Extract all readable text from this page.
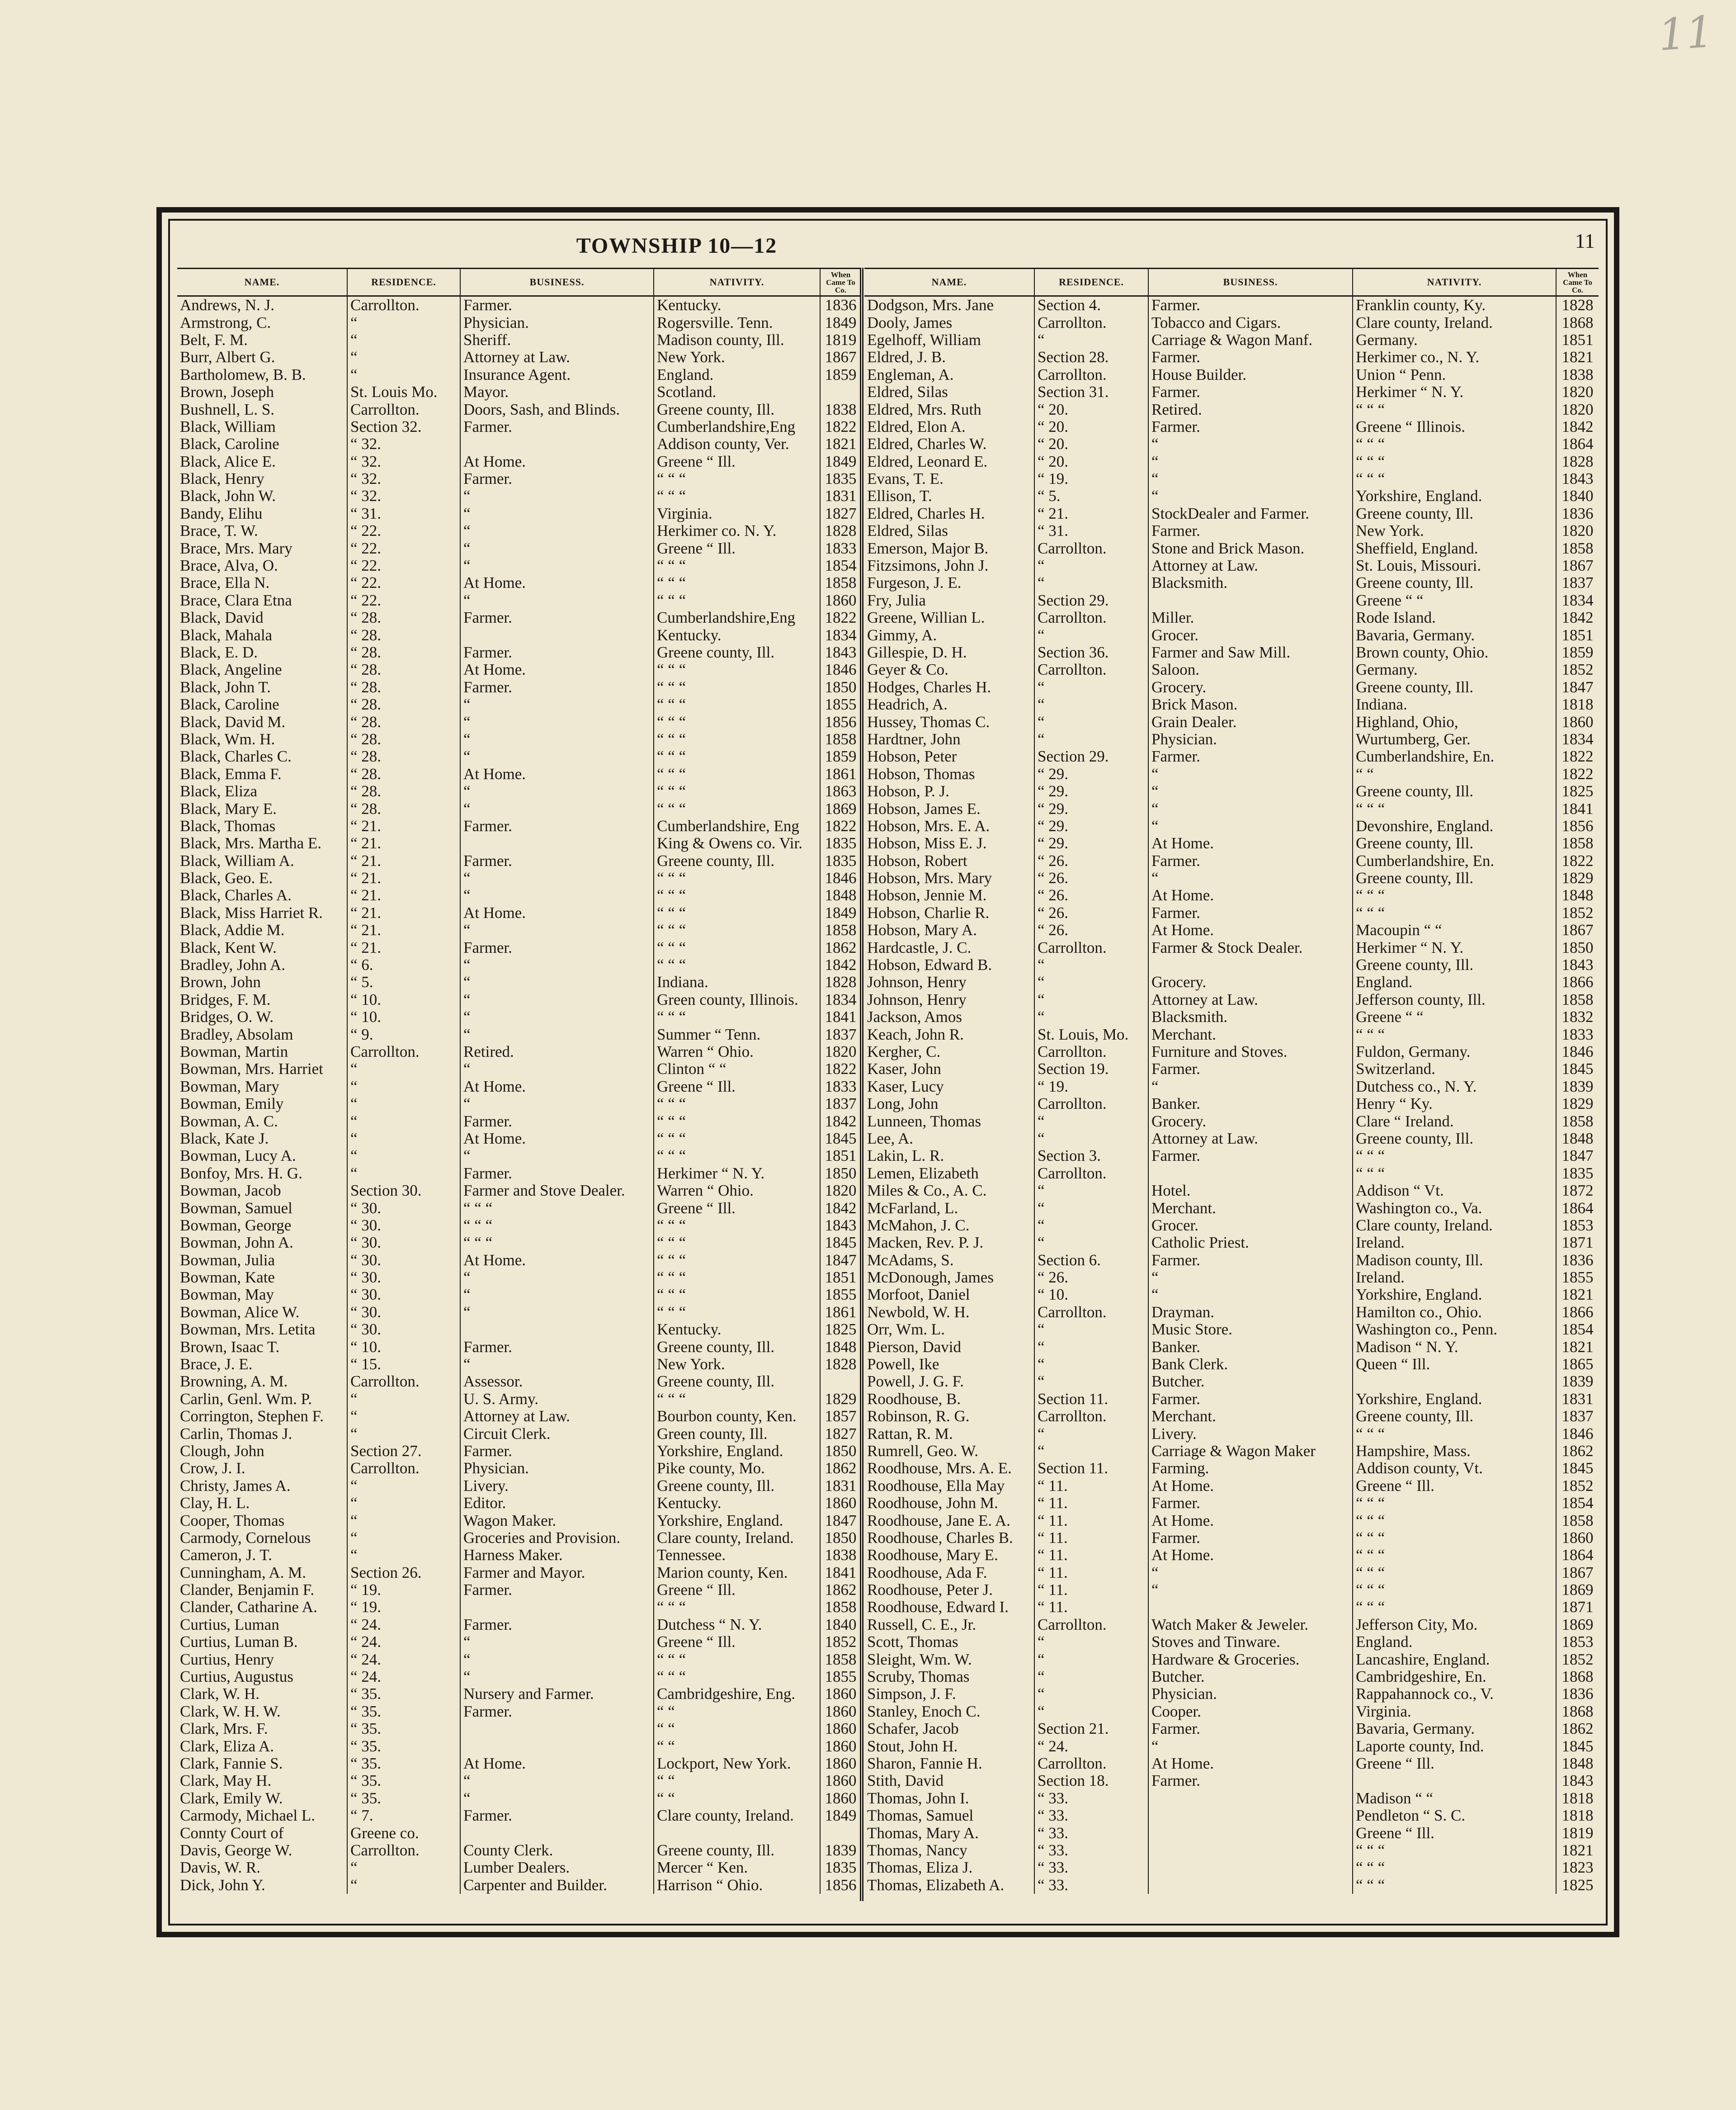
11
TOWNSHIP 10—12	11
NAME.	RESIDENCE.	BUSINESS.	NATIVITY.	When Came To Co.
Andrews, N. J.	Carrollton.	Farmer.	Kentucky.	1836
Armstrong, C.	“	Physician.	Rogersville. Tenn.	1849
Belt, F. M.	“	Sheriff.	Madison county, Ill.	1819
Burr, Albert G.	“	Attorney at Law.	New York.	1867
Bartholomew, B. B.	“	Insurance Agent.	England.	1859
Brown, Joseph	St. Louis Mo.	Mayor.	Scotland.	
Bushnell, L. S.	Carrollton.	Doors, Sash, and Blinds.	Greene county, Ill.	1838
Black, William	Section 32.	Farmer.	Cumberlandshire,Eng	1822
Black, Caroline	“ 32.		Addison county, Ver.	1821
Black, Alice E.	“ 32.	At Home.	Greene “ Ill.	1849
Black, Henry	“ 32.	Farmer.	“ “ “	1835
Black, John W.	“ 32.	“	“ “ “	1831
Bandy, Elihu	“ 31.	“	Virginia.	1827
Brace, T. W.	“ 22.	“	Herkimer co. N. Y.	1828
Brace, Mrs. Mary	“ 22.	“	Greene “ Ill.	1833
Brace, Alva, O.	“ 22.	“	“ “ “	1854
Brace, Ella N.	“ 22.	At Home.	“ “ “	1858
Brace, Clara Etna	“ 22.	“	“ “ “	1860
Black, David	“ 28.	Farmer.	Cumberlandshire,Eng	1822
Black, Mahala	“ 28.		Kentucky.	1834
Black, E. D.	“ 28.	Farmer.	Greene county, Ill.	1843
Black, Angeline	“ 28.	At Home.	“ “ “	1846
Black, John T.	“ 28.	Farmer.	“ “ “	1850
Black, Caroline	“ 28.	“	“ “ “	1855
Black, David M.	“ 28.	“	“ “ “	1856
Black, Wm. H.	“ 28.	“	“ “ “	1858
Black, Charles C.	“ 28.	“	“ “ “	1859
Black, Emma F.	“ 28.	At Home.	“ “ “	1861
Black, Eliza	“ 28.	“	“ “ “	1863
Black, Mary E.	“ 28.	“	“ “ “	1869
Black, Thomas	“ 21.	Farmer.	Cumberlandshire, Eng	1822
Black, Mrs. Martha E.	“ 21.		King & Owens co. Vir.	1835
Black, William A.	“ 21.	Farmer.	Greene county, Ill.	1835
Black, Geo. E.	“ 21.	“	“ “ “	1846
Black, Charles A.	“ 21.	“	“ “ “	1848
Black, Miss Harriet R.	“ 21.	At Home.	“ “ “	1849
Black, Addie M.	“ 21.	“	“ “ “	1858
Black, Kent W.	“ 21.	Farmer.	“ “ “	1862
Bradley, John A.	“ 6.	“	“ “ “	1842
Brown, John	“ 5.	“	Indiana.	1828
Bridges, F. M.	“ 10.	“	Green county, Illinois.	1834
Bridges, O. W.	“ 10.	“	“ “ “	1841
Bradley, Absolam	“ 9.	“	Summer “ Tenn.	1837
Bowman, Martin	Carrollton.	Retired.	Warren “ Ohio.	1820
Bowman, Mrs. Harriet	“	“	Clinton “ “	1822
Bowman, Mary	“	At Home.	Greene “ Ill.	1833
Bowman, Emily	“	“	“ “ “	1837
Bowman, A. C.	“	Farmer.	“ “ “	1842
Black, Kate J.	“	At Home.	“ “ “	1845
Bowman, Lucy A.	“	“	“ “ “	1851
Bonfoy, Mrs. H. G.	“	Farmer.	Herkimer “ N. Y.	1850
Bowman, Jacob	Section 30.	Farmer and Stove Dealer.	Warren “ Ohio.	1820
Bowman, Samuel	“ 30.	“ “ “	Greene “ Ill.	1842
Bowman, George	“ 30.	“ “ “	“ “ “	1843
Bowman, John A.	“ 30.	“ “ “	“ “ “	1845
Bowman, Julia	“ 30.	At Home.	“ “ “	1847
Bowman, Kate	“ 30.	“	“ “ “	1851
Bowman, May	“ 30.	“	“ “ “	1855
Bowman, Alice W.	“ 30.	“	“ “ “	1861
Bowman, Mrs. Letita	“ 30.		Kentucky.	1825
Brown, Isaac T.	“ 10.	Farmer.	Greene county, Ill.	1848
Brace, J. E.	“ 15.	“	New York.	1828
Browning, A. M.	Carrollton.	Assessor.	Greene county, Ill.	
Carlin, Genl. Wm. P.	“	U. S. Army.	“ “ “	1829
Corrington, Stephen F.	“	Attorney at Law.	Bourbon county, Ken.	1857
Carlin, Thomas J.	“	Circuit Clerk.	Green county, Ill.	1827
Clough, John	Section 27.	Farmer.	Yorkshire, England.	1850
Crow, J. I.	Carrollton.	Physician.	Pike county, Mo.	1862
Christy, James A.	“	Livery.	Greene county, Ill.	1831
Clay, H. L.	“	Editor.	Kentucky.	1860
Cooper, Thomas	“	Wagon Maker.	Yorkshire, England.	1847
Carmody, Cornelous	“	Groceries and Provision.	Clare county, Ireland.	1850
Cameron, J. T.	“	Harness Maker.	Tennessee.	1838
Cunningham, A. M.	Section 26.	Farmer and Mayor.	Marion county, Ken.	1841
Clander, Benjamin F.	“ 19.	Farmer.	Greene “ Ill.	1862
Clander, Catharine A.	“ 19.		“ “ “	1858
Curtius, Luman	“ 24.	Farmer.	Dutchess “ N. Y.	1840
Curtius, Luman B.	“ 24.	“	Greene “ Ill.	1852
Curtius, Henry	“ 24.	“	“ “ “	1858
Curtius, Augustus	“ 24.	“	“ “ “	1855
Clark, W. H.	“ 35.	Nursery and Farmer.	Cambridgeshire, Eng.	1860
Clark, W. H. W.	“ 35.	Farmer.	“ “	1860
Clark, Mrs. F.	“ 35.		“ “	1860
Clark, Eliza A.	“ 35.		“ “	1860
Clark, Fannie S.	“ 35.	At Home.	Lockport, New York.	1860
Clark, May H.	“ 35.	“	“ “	1860
Clark, Emily W.	“ 35.	“	“ “	1860
Carmody, Michael L.	“ 7.	Farmer.	Clare county, Ireland.	1849
Connty Court of	Greene co.			
Davis, George W.	Carrollton.	County Clerk.	Greene county, Ill.	1839
Davis, W. R.	“	Lumber Dealers.	Mercer “ Ken.	1835
Dick, John Y.	“	Carpenter and Builder.	Harrison “ Ohio.	1856
NAME.	RESIDENCE.	BUSINESS.	NATIVITY.	When Came To Co.
Dodgson, Mrs. Jane	Section 4.	Farmer.	Franklin county, Ky.	1828
Dooly, James	Carrollton.	Tobacco and Cigars.	Clare county, Ireland.	1868
Egelhoff, William	“	Carriage & Wagon Manf.	Germany.	1851
Eldred, J. B.	Section 28.	Farmer.	Herkimer co., N. Y.	1821
Engleman, A.	Carrollton.	House Builder.	Union “ Penn.	1838
Eldred, Silas	Section 31.	Farmer.	Herkimer “ N. Y.	1820
Eldred, Mrs. Ruth	“ 20.	Retired.	“ “ “	1820
Eldred, Elon A.	“ 20.	Farmer.	Greene “ Illinois.	1842
Eldred, Charles W.	“ 20.	“	“ “ “	1864
Eldred, Leonard E.	“ 20.	“	“ “ “	1828
Evans, T. E.	“ 19.	“	“ “ “	1843
Ellison, T.	“ 5.	“	Yorkshire, England.	1840
Eldred, Charles H.	“ 21.	StockDealer and Farmer.	Greene county, Ill.	1836
Eldred, Silas	“ 31.	Farmer.	New York.	1820
Emerson, Major B.	Carrollton.	Stone and Brick Mason.	Sheffield, England.	1858
Fitzsimons, John J.	“	Attorney at Law.	St. Louis, Missouri.	1867
Furgeson, J. E.	“	Blacksmith.	Greene county, Ill.	1837
Fry, Julia	Section 29.		Greene “ “	1834
Greene, Willian L.	Carrollton.	Miller.	Rode Island.	1842
Gimmy, A.	“	Grocer.	Bavaria, Germany.	1851
Gillespie, D. H.	Section 36.	Farmer and Saw Mill.	Brown county, Ohio.	1859
Geyer & Co.	Carrollton.	Saloon.	Germany.	1852
Hodges, Charles H.	“	Grocery.	Greene county, Ill.	1847
Headrich, A.	“	Brick Mason.	Indiana.	1818
Hussey, Thomas C.	“	Grain Dealer.	Highland, Ohio,	1860
Hardtner, John	“	Physician.	Wurtumberg, Ger.	1834
Hobson, Peter	Section 29.	Farmer.	Cumberlandshire, En.	1822
Hobson, Thomas	“ 29.	“	“ “	1822
Hobson, P. J.	“ 29.	“	Greene county, Ill.	1825
Hobson, James E.	“ 29.	“	“ “ “	1841
Hobson, Mrs. E. A.	“ 29.	“	Devonshire, England.	1856
Hobson, Miss E. J.	“ 29.	At Home.	Greene county, Ill.	1858
Hobson, Robert	“ 26.	Farmer.	Cumberlandshire, En.	1822
Hobson, Mrs. Mary	“ 26.	“	Greene county, Ill.	1829
Hobson, Jennie M.	“ 26.	At Home.	“ “ “	1848
Hobson, Charlie R.	“ 26.	Farmer.	“ “ “	1852
Hobson, Mary A.	“ 26.	At Home.	Macoupin “ “	1867
Hardcastle, J. C.	Carrollton.	Farmer & Stock Dealer.	Herkimer “ N. Y.	1850
Hobson, Edward B.	“		Greene county, Ill.	1843
Johnson, Henry	“	Grocery.	England.	1866
Johnson, Henry	“	Attorney at Law.	Jefferson county, Ill.	1858
Jackson, Amos	“	Blacksmith.	Greene “ “	1832
Keach, John R.	St. Louis, Mo.	Merchant.	“ “ “	1833
Kergher, C.	Carrollton.	Furniture and Stoves.	Fuldon, Germany.	1846
Kaser, John	Section 19.	Farmer.	Switzerland.	1845
Kaser, Lucy	“ 19.	“	Dutchess co., N. Y.	1839
Long, John	Carrollton.	Banker.	Henry “ Ky.	1829
Lunneen, Thomas	“	Grocery.	Clare “ Ireland.	1858
Lee, A.	“	Attorney at Law.	Greene county, Ill.	1848
Lakin, L. R.	Section 3.	Farmer.	“ “ “	1847
Lemen, Elizabeth	Carrollton.		“ “ “	1835
Miles & Co., A. C.	“	Hotel.	Addison “ Vt.	1872
McFarland, L.	“	Merchant.	Washington co., Va.	1864
McMahon, J. C.	“	Grocer.	Clare county, Ireland.	1853
Macken, Rev. P. J.	“	Catholic Priest.	Ireland.	1871
McAdams, S.	Section 6.	Farmer.	Madison county, Ill.	1836
McDonough, James	“ 26.	“	Ireland.	1855
Morfoot, Daniel	“ 10.	“	Yorkshire, England.	1821
Newbold, W. H.	Carrollton.	Drayman.	Hamilton co., Ohio.	1866
Orr, Wm. L.	“	Music Store.	Washington co., Penn.	1854
Pierson, David	“	Banker.	Madison “ N. Y.	1821
Powell, Ike	“	Bank Clerk.	Queen “ Ill.	1865
Powell, J. G. F.	“	Butcher.		1839
Roodhouse, B.	Section 11.	Farmer.	Yorkshire, England.	1831
Robinson, R. G.	Carrollton.	Merchant.	Greene county, Ill.	1837
Rattan, R. M.	“	Livery.	“ “ “	1846
Rumrell, Geo. W.	“	Carriage & Wagon Maker	Hampshire, Mass.	1862
Roodhouse, Mrs. A. E.	Section 11.	Farming.	Addison county, Vt.	1845
Roodhouse, Ella May	“ 11.	At Home.	Greene “ Ill.	1852
Roodhouse, John M.	“ 11.	Farmer.	“ “ “	1854
Roodhouse, Jane E. A.	“ 11.	At Home.	“ “ “	1858
Roodhouse, Charles B.	“ 11.	Farmer.	“ “ “	1860
Roodhouse, Mary E.	“ 11.	At Home.	“ “ “	1864
Roodhouse, Ada F.	“ 11.	“	“ “ “	1867
Roodhouse, Peter J.	“ 11.	“	“ “ “	1869
Roodhouse, Edward I.	“ 11.		“ “ “	1871
Russell, C. E., Jr.	Carrollton.	Watch Maker & Jeweler.	Jefferson City, Mo.	1869
Scott, Thomas	“	Stoves and Tinware.	England.	1853
Sleight, Wm. W.	“	Hardware & Groceries.	Lancashire, England.	1852
Scruby, Thomas	“	Butcher.	Cambridgeshire, En.	1868
Simpson, J. F.	“	Physician.	Rappahannock co., V.	1836
Stanley, Enoch C.	“	Cooper.	Virginia.	1868
Schafer, Jacob	Section 21.	Farmer.	Bavaria, Germany.	1862
Stout, John H.	“ 24.	“	Laporte county, Ind.	1845
Sharon, Fannie H.	Carrollton.	At Home.	Greene “ Ill.	1848
Stith, David	Section 18.	Farmer.		1843
Thomas, John I.	“ 33.		Madison “ “	1818
Thomas, Samuel	“ 33.		Pendleton “ S. C.	1818
Thomas, Mary A.	“ 33.		Greene “ Ill.	1819
Thomas, Nancy	“ 33.		“ “ “	1821
Thomas, Eliza J.	“ 33.		“ “ “	1823
Thomas, Elizabeth A.	“ 33.		“ “ “	1825
